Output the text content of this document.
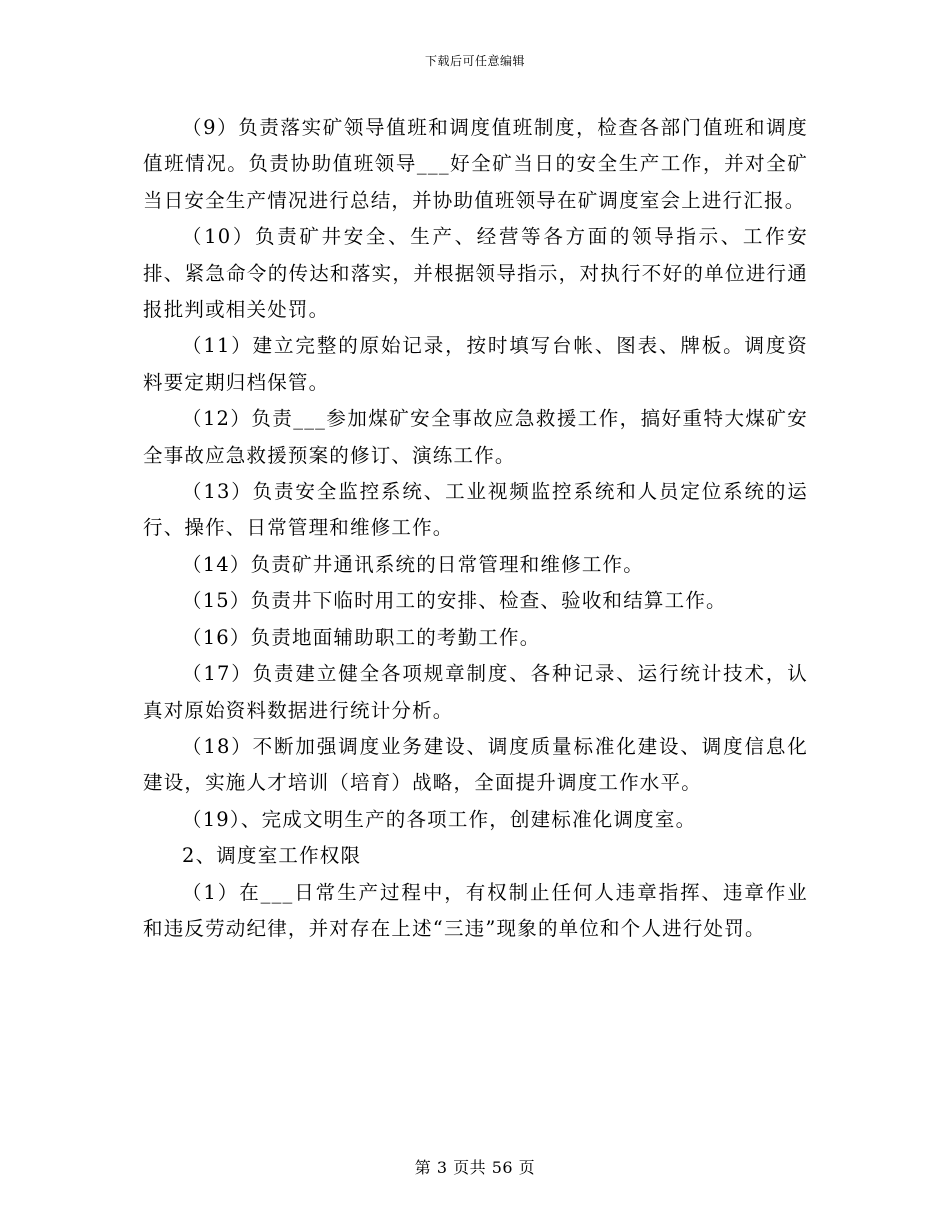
下载后可任意编辑

（9）负责落实矿领导值班和调度值班制度，检查各部门值班和调度值班情况。负责协助值班领导___好全矿当日的安全生产工作，并对全矿当日安全生产情况进行总结，并协助值班领导在矿调度室会上进行汇报。

（10）负责矿井安全、生产、经营等各方面的领导指示、工作安排、紧急命令的传达和落实，并根据领导指示，对执行不好的单位进行通报批判或相关处罚。

（11）建立完整的原始记录，按时填写台帐、图表、牌板。调度资料要定期归档保管。

（12）负责___参加煤矿安全事故应急救援工作，搞好重特大煤矿安全事故应急救援预案的修订、演练工作。

（13）负责安全监控系统、工业视频监控系统和人员定位系统的运行、操作、日常管理和维修工作。

（14）负责矿井通讯系统的日常管理和维修工作。

（15）负责井下临时用工的安排、检查、验收和结算工作。

（16）负责地面辅助职工的考勤工作。

（17）负责建立健全各项规章制度、各种记录、运行统计技术，认真对原始资料数据进行统计分析。

（18）不断加强调度业务建设、调度质量标准化建设、调度信息化建设，实施人才培训（培育）战略，全面提升调度工作水平。

（19）、完成文明生产的各项工作，创建标准化调度室。

2、调度室工作权限

（1）在___日常生产过程中，有权制止任何人违章指挥、违章作业和违反劳动纪律，并对存在上述“三违”现象的单位和个人进行处罚。

第 3 页共 56 页
